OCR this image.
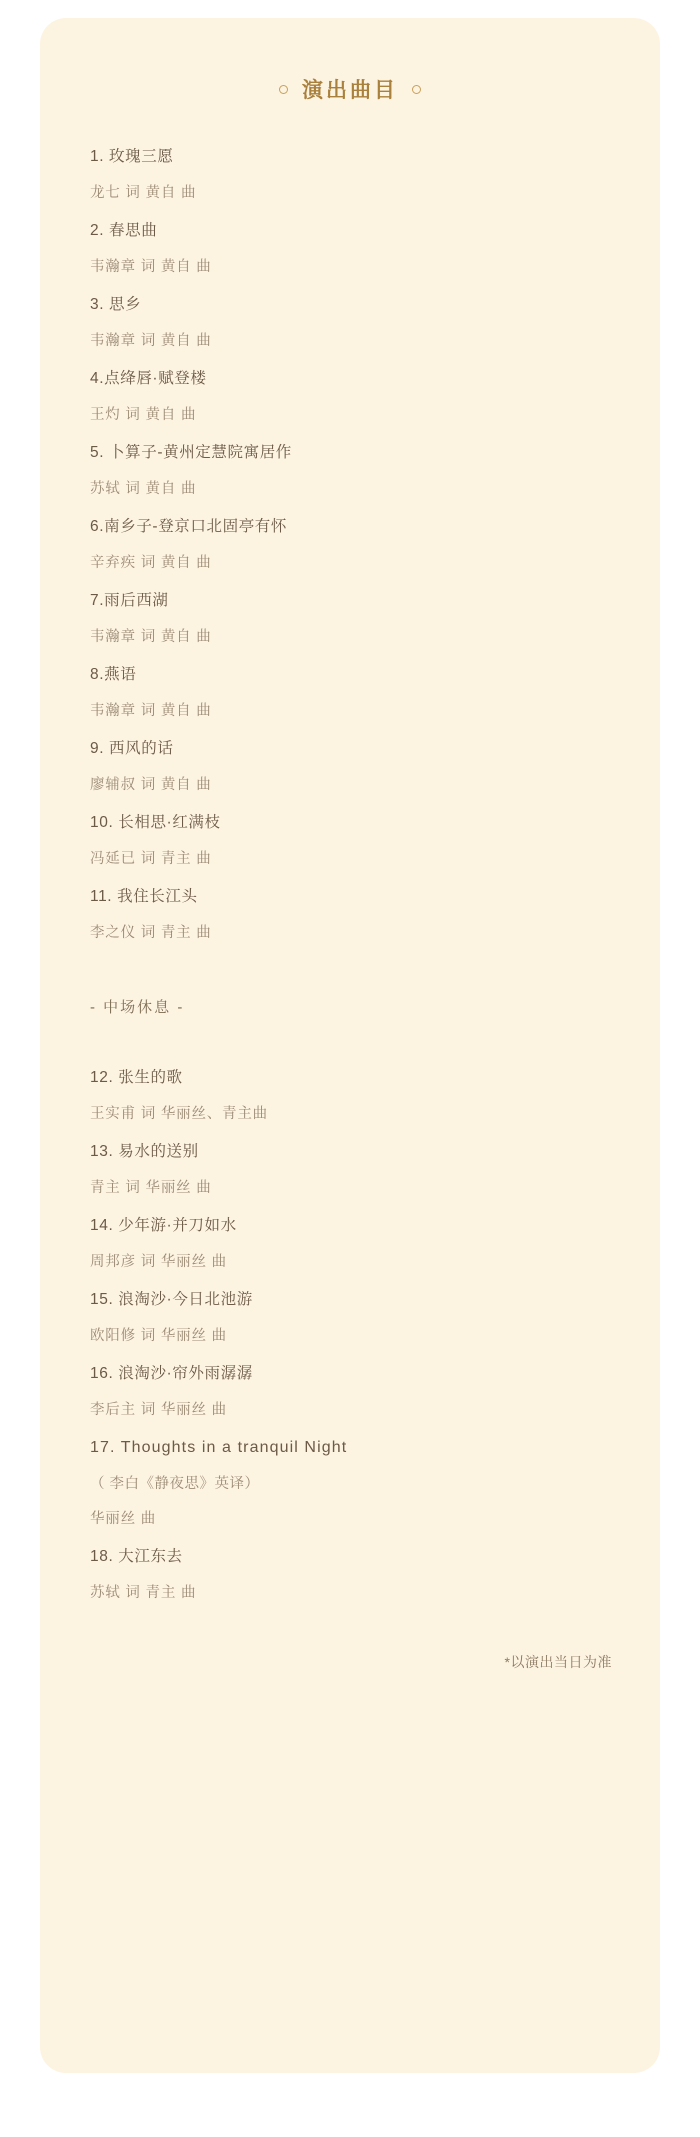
演出曲目
1. 玫瑰三愿
龙七 词 黄自 曲
2. 春思曲
韦瀚章 词 黄自 曲
3. 思乡
韦瀚章 词 黄自 曲
4.点绛唇·赋登楼
王灼 词 黄自 曲
5. 卜算子-黄州定慧院寓居作
苏轼 词 黄自 曲
6.南乡子-登京口北固亭有怀
辛弃疾 词 黄自 曲
7.雨后西湖
韦瀚章 词 黄自 曲
8.燕语
韦瀚章 词 黄自 曲
9. 西风的话
廖辅叔 词 黄自 曲
10. 长相思·红满枝
冯延已 词 青主 曲
11. 我住长江头
李之仪 词 青主 曲
- 中场休息 -
12. 张生的歌
王实甫 词 华丽丝、青主曲
13. 易水的送别
青主 词 华丽丝 曲
14. 少年游·并刀如水
周邦彦 词 华丽丝 曲
15. 浪淘沙·今日北池游
欧阳修 词 华丽丝 曲
16. 浪淘沙·帘外雨潺潺
李后主 词 华丽丝 曲
17. Thoughts in a tranquil Night
（ 李白《静夜思》英译）
华丽丝 曲
18. 大江东去
苏轼 词 青主 曲
*以演出当日为准
